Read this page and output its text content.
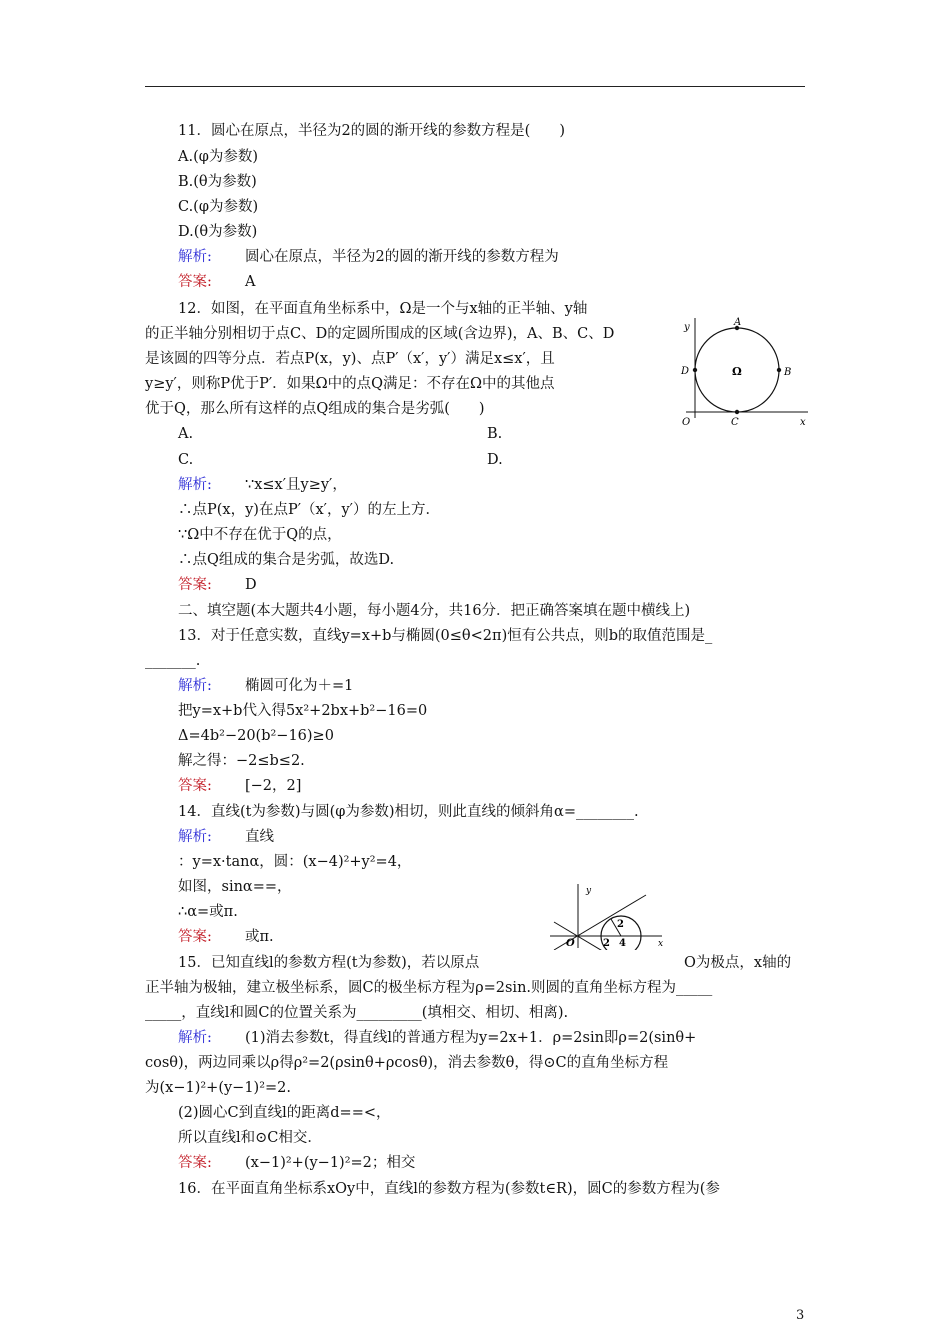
11．圆心在原点，半径为2的圆的渐开线的参数方程是(　　)
A.(φ为参数)
B.(θ为参数)
C.(φ为参数)
D.(θ为参数)
解析: 圆心在原点，半径为2的圆的渐开线的参数方程为
答案: A
12．如图，在平面直角坐标系中，Ω是一个与x轴的正半轴、y轴
的正半轴分别相切于点C、D的定圆所围成的区域(含边界)，A、B、C、D
是该圆的四等分点．若点P(x，y)、点P′（x′，y′）满足x≤x′，且
y≥y′，则称P优于P′．如果Ω中的点Q满足：不存在Ω中的其他点
优于Q，那么所有这样的点Q组成的集合是劣弧(　　)
A.	B.
C.	D.
解析: ∵x≤x′且y≥y′，
∴点P(x，y)在点P′（x′，y′）的左上方．
∵Ω中不存在优于Q的点，
∴点Q组成的集合是劣弧，故选D.
答案: D
y
x
O
Ω
A
B
C
D
二、填空题(本大题共4小题，每小题4分，共16分．把正确答案填在题中横线上)
13．对于任意实数，直线y=x+b与椭圆(0≤θ<2π)恒有公共点，则b的取值范围是_
_______.
解析: 椭圆可化为＋=1
把y=x+b代入得5x²+2bx+b²−16=0
Δ=4b²−20(b²−16)≥0
解之得：−2≤b≤2.
答案: [−2，2]
14．直线(t为参数)与圆(φ为参数)相切，则此直线的倾斜角α=________.
解析: 直线
：y=x·tanα，圆：(x−4)²+y²=4，
如图，sinα==，
∴α=或π.
答案: 或π.
y
x
O
2
2 4
15．已知直线l的参数方程(t为参数)，若以原点	O为极点，x轴的
正半轴为极轴，建立极坐标系，圆C的极坐标方程为ρ=2sin.则圆的直角坐标方程为_____
_____，直线l和圆C的位置关系为_________(填相交、相切、相离).
解析: (1)消去参数t，得直线l的普通方程为y=2x+1．ρ=2sin即ρ=2(sinθ+
cosθ)，两边同乘以ρ得ρ²=2(ρsinθ+ρcosθ)，消去参数θ，得⊙C的直角坐标方程
为(x−1)²+(y−1)²=2.
(2)圆心C到直线l的距离d==<，
所以直线l和⊙C相交．
答案: (x−1)²+(y−1)²=2；相交
16．在平面直角坐标系xOy中，直线l的参数方程为(参数t∈R)，圆C的参数方程为(参
3
